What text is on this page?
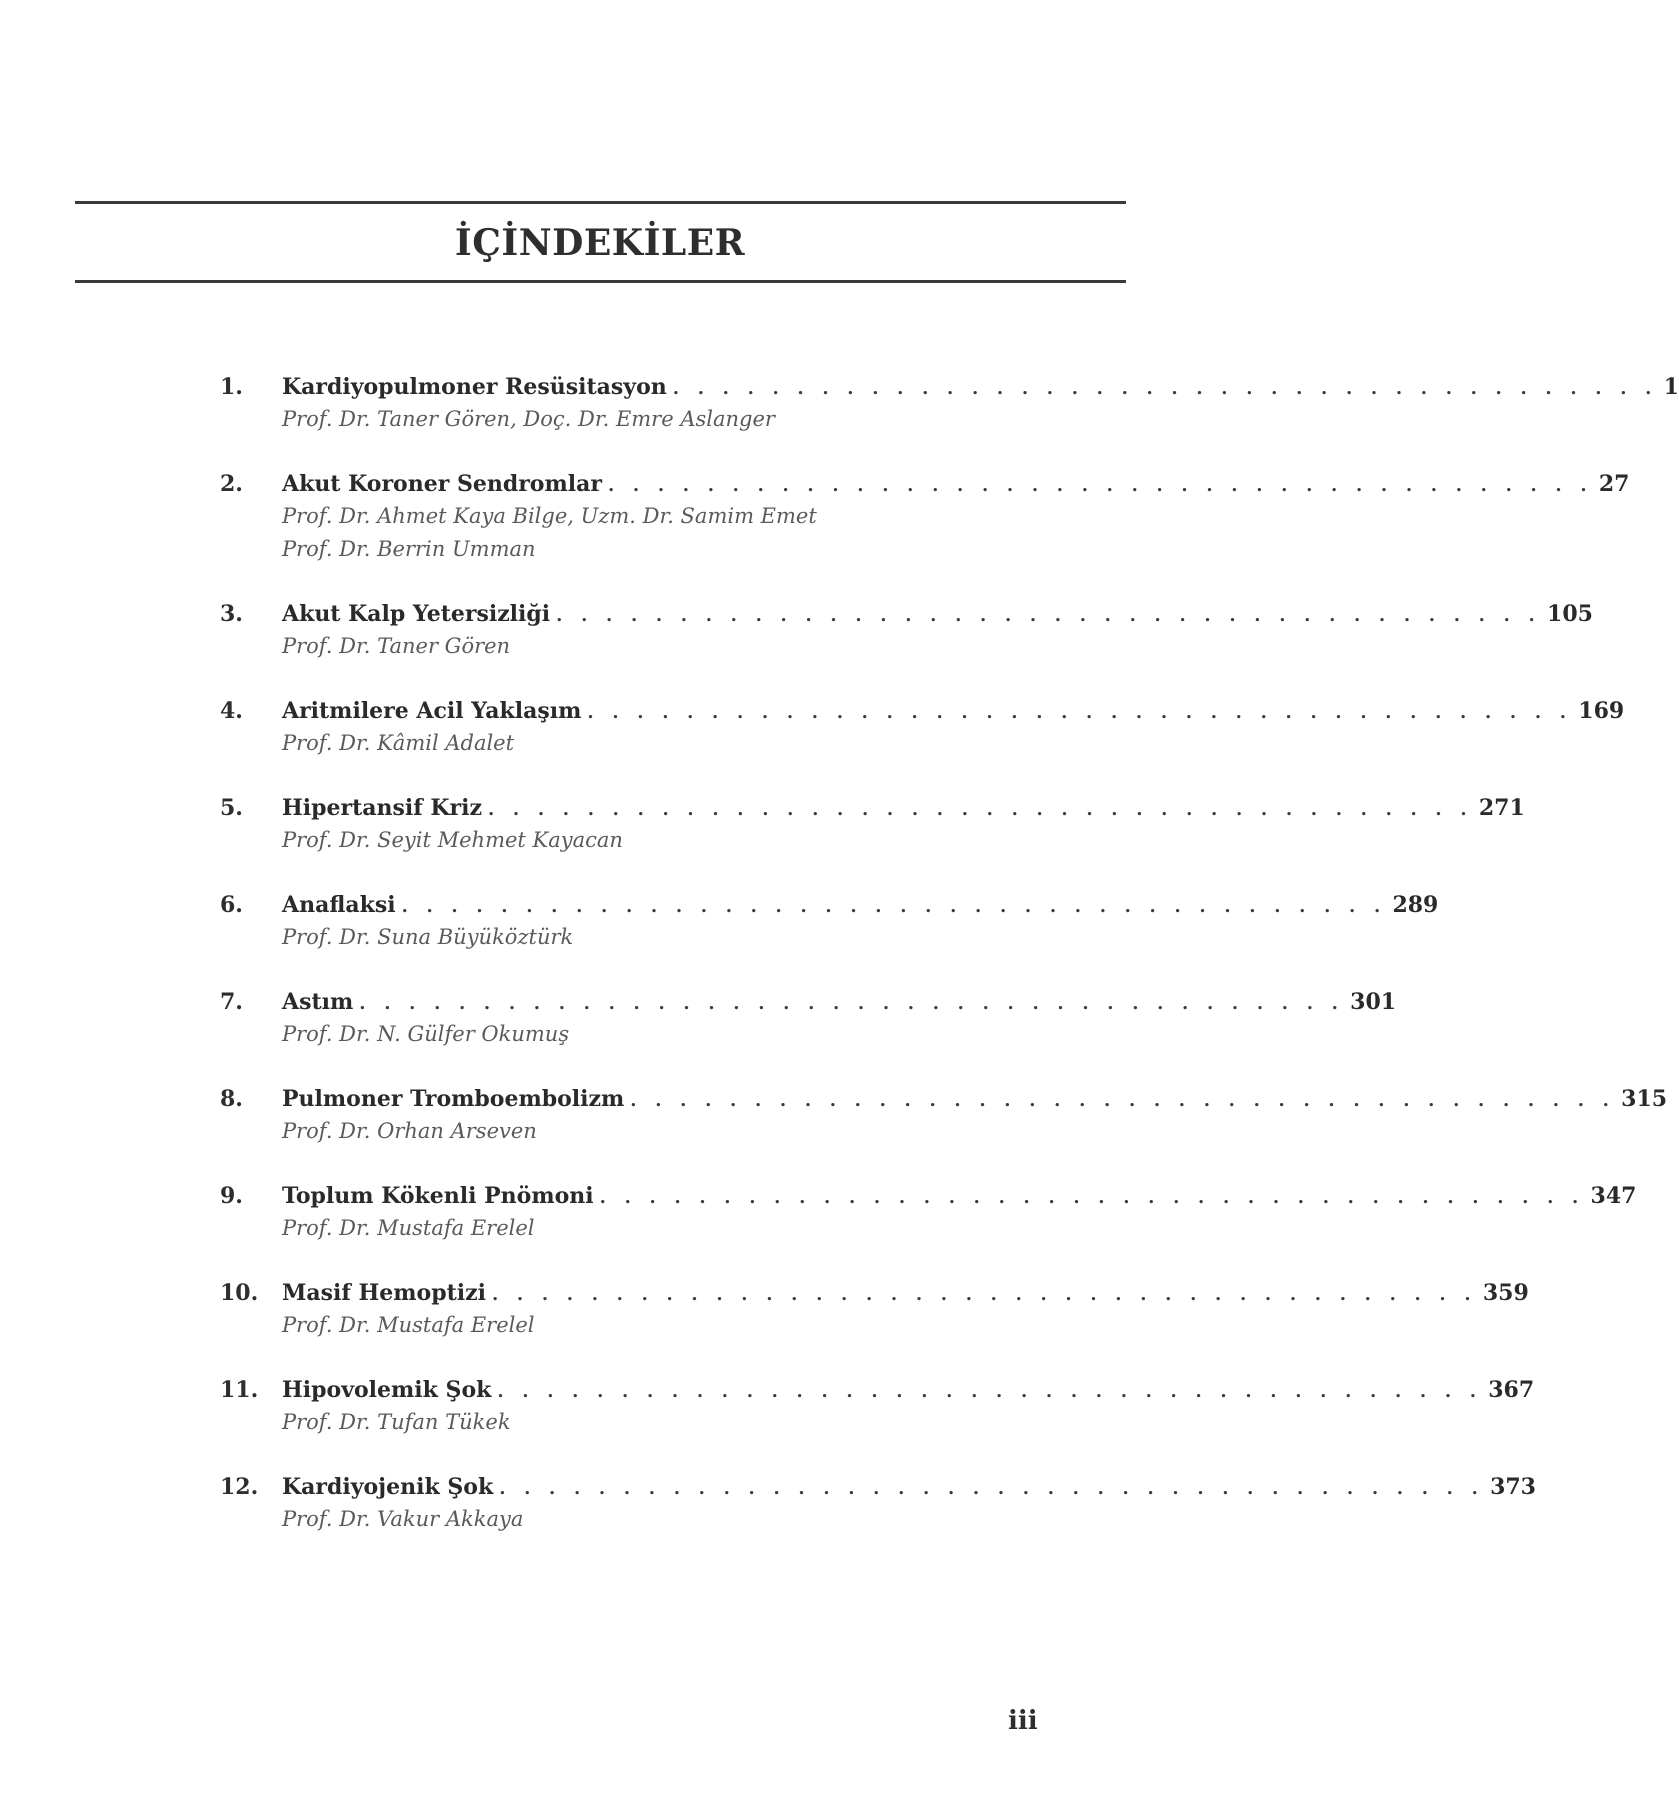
İÇİNDEKİLER
1. Kardiyopulmoner Resüsitasyon . . . . . . . . . . . . . . . . . . . . . . . . . . . . . . . . . . . . . . . . 1
Prof. Dr. Taner Gören, Doç. Dr. Emre Aslanger
2. Akut Koroner Sendromlar . . . . . . . . . . . . . . . . . . . . . . . . . . . . . . . . . . . . . . . . 27
Prof. Dr. Ahmet Kaya Bilge, Uzm. Dr. Samim Emet
Prof. Dr. Berrin Umman
3. Akut Kalp Yetersizliği . . . . . . . . . . . . . . . . . . . . . . . . . . . . . . . . . . . . . . . . 105
Prof. Dr. Taner Gören
4. Aritmilere Acil Yaklaşım . . . . . . . . . . . . . . . . . . . . . . . . . . . . . . . . . . . . . . . . 169
Prof. Dr. Kâmil Adalet
5. Hipertansif Kriz . . . . . . . . . . . . . . . . . . . . . . . . . . . . . . . . . . . . . . . . 271
Prof. Dr. Seyit Mehmet Kayacan
6. Anaflaksi . . . . . . . . . . . . . . . . . . . . . . . . . . . . . . . . . . . . . . . . 289
Prof. Dr. Suna Büyüköztürk
7. Astım . . . . . . . . . . . . . . . . . . . . . . . . . . . . . . . . . . . . . . . . 301
Prof. Dr. N. Gülfer Okumuş
8. Pulmoner Tromboembolizm . . . . . . . . . . . . . . . . . . . . . . . . . . . . . . . . . . . . . . . . 315
Prof. Dr. Orhan Arseven
9. Toplum Kökenli Pnömoni . . . . . . . . . . . . . . . . . . . . . . . . . . . . . . . . . . . . . . . . 347
Prof. Dr. Mustafa Erelel
10. Masif Hemoptizi . . . . . . . . . . . . . . . . . . . . . . . . . . . . . . . . . . . . . . . . 359
Prof. Dr. Mustafa Erelel
11. Hipovolemik Şok . . . . . . . . . . . . . . . . . . . . . . . . . . . . . . . . . . . . . . . . 367
Prof. Dr. Tufan Tükek
12. Kardiyojenik Şok . . . . . . . . . . . . . . . . . . . . . . . . . . . . . . . . . . . . . . . . 373
Prof. Dr. Vakur Akkaya
iii
